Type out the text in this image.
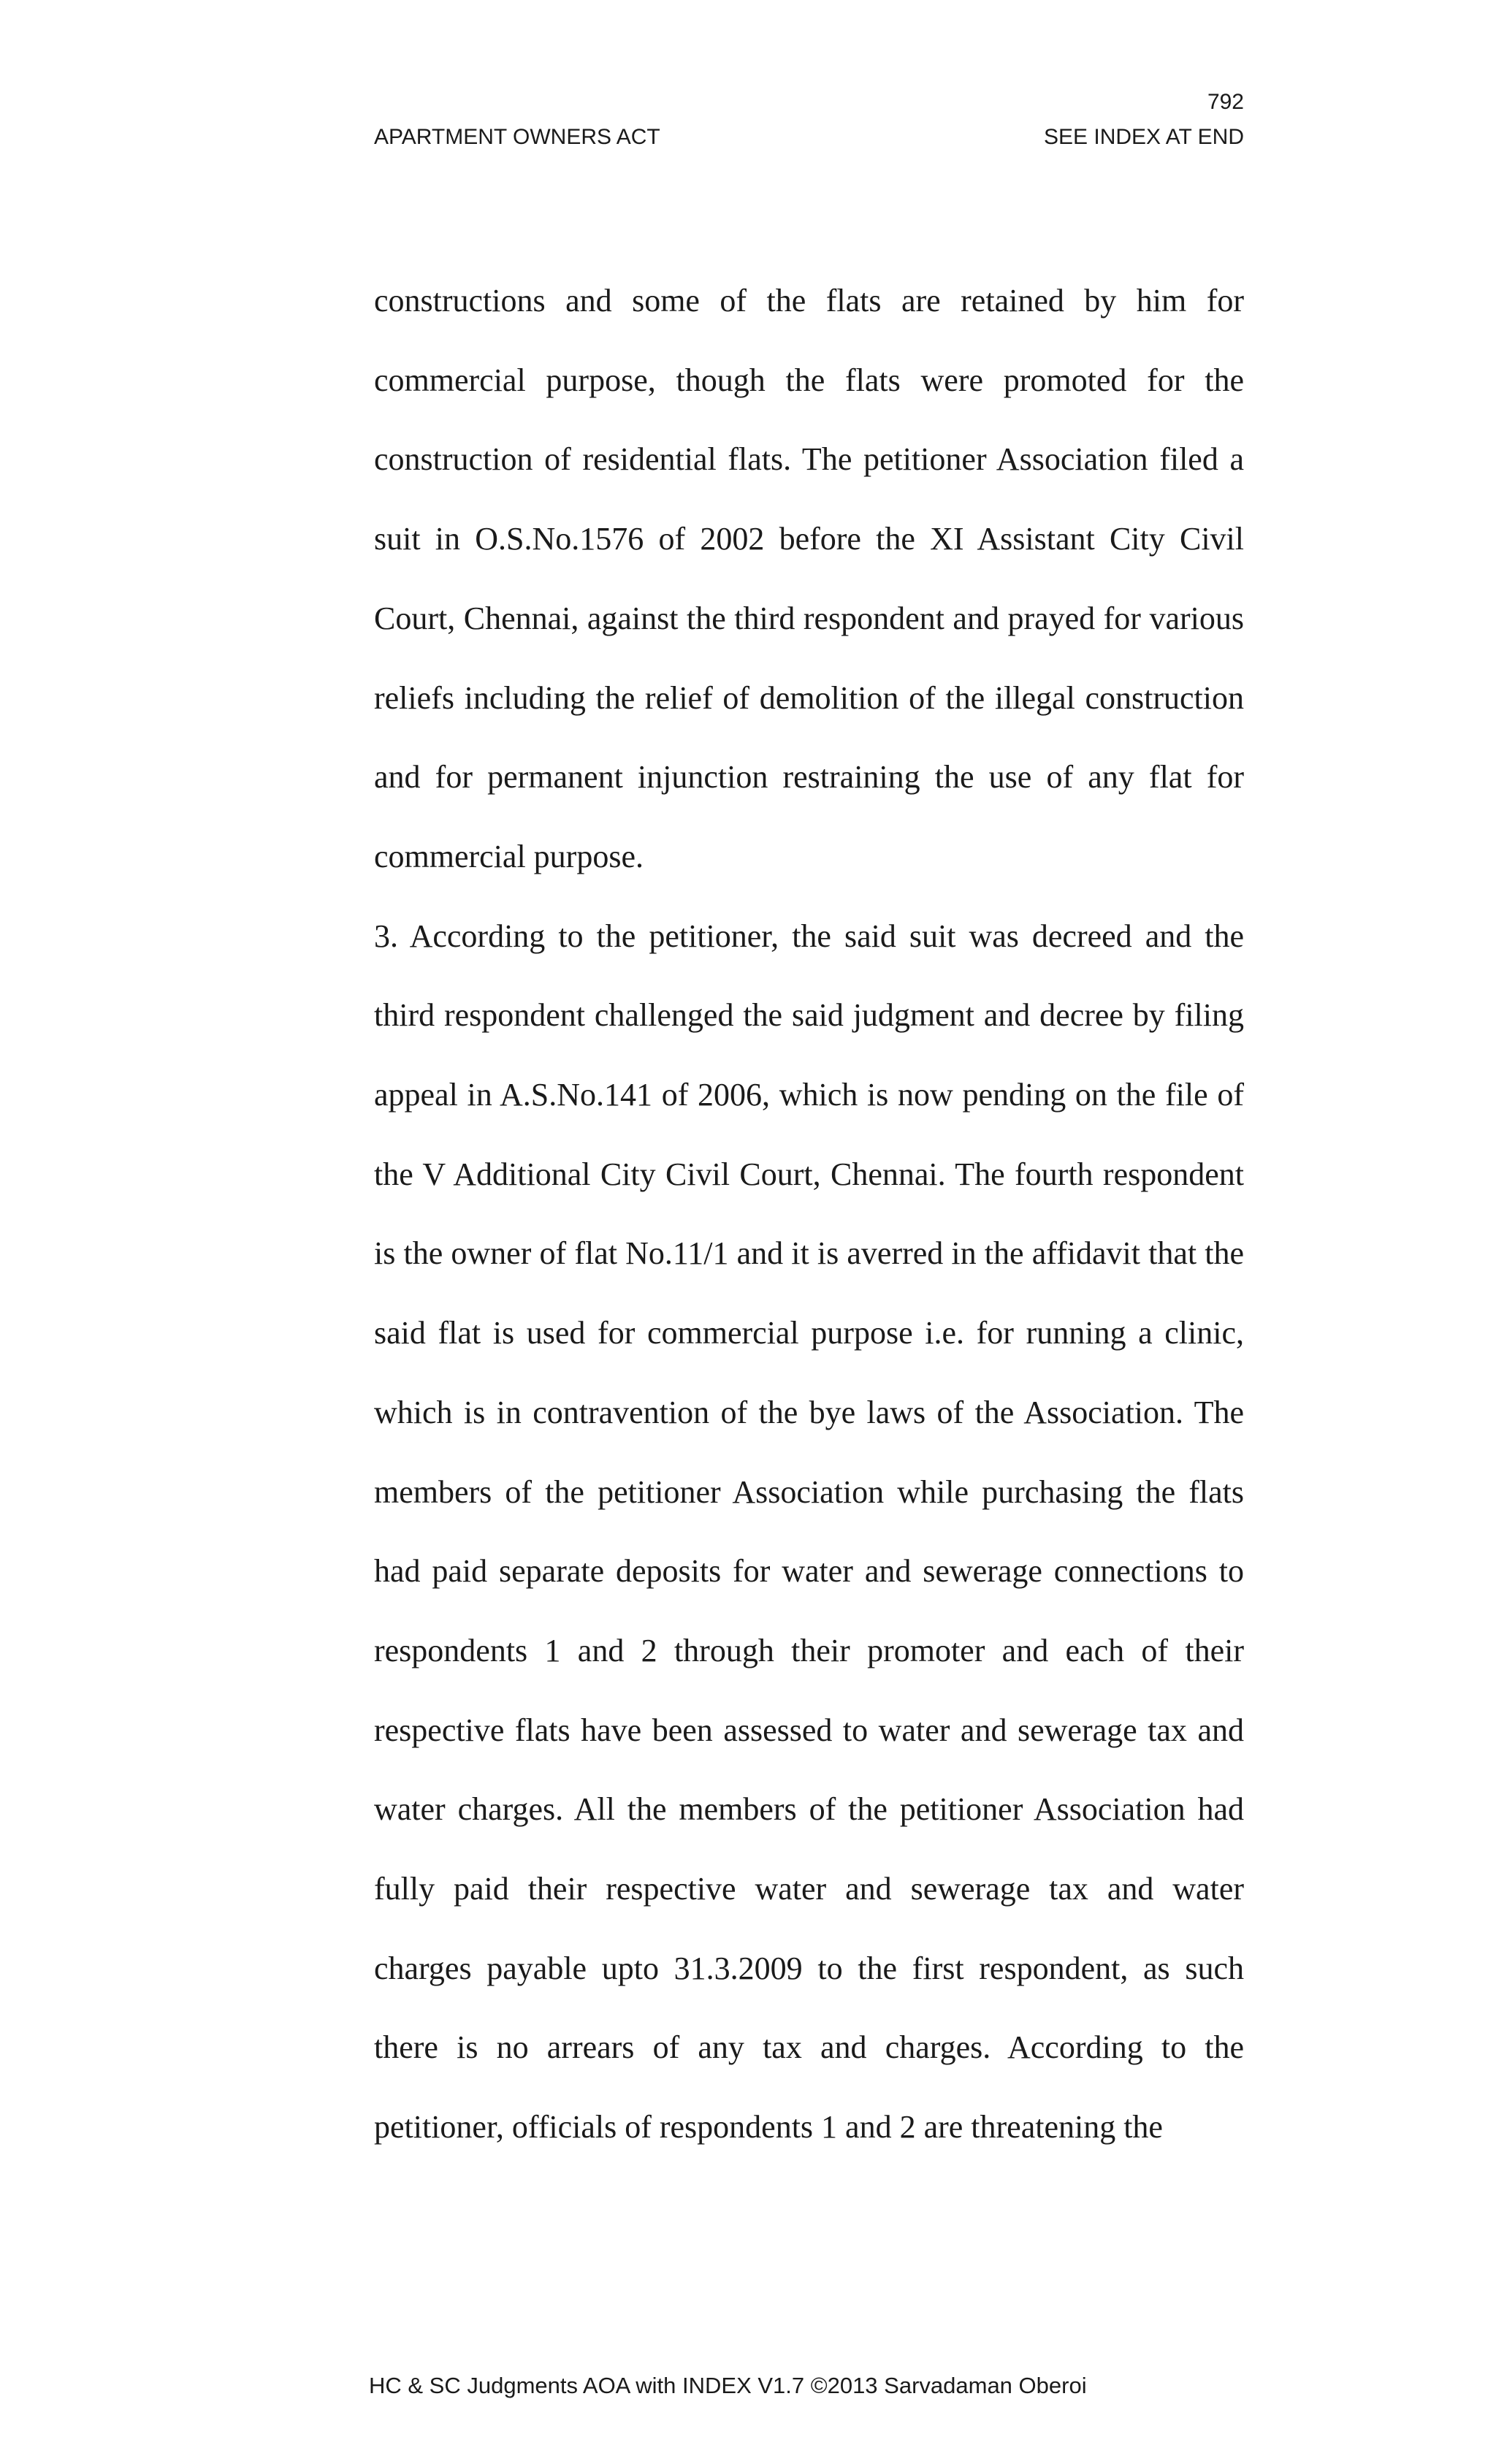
792
APARTMENT OWNERS ACT	SEE INDEX AT END

constructions and some of the flats are retained by him for commercial purpose, though the flats were promoted for the construction of residential flats. The petitioner Association filed a suit in O.S.No.1576 of 2002 before the XI Assistant City Civil Court, Chennai, against the third respondent and prayed for various reliefs including the relief of demolition of the illegal construction and for permanent injunction restraining the use of any flat for commercial purpose.

3. According to the petitioner, the said suit was decreed and the third respondent challenged the said judgment and decree by filing appeal in A.S.No.141 of 2006, which is now pending on the file of the V Additional City Civil Court, Chennai. The fourth respondent is the owner of flat No.11/1 and it is averred in the affidavit that the said flat is used for commercial purpose i.e. for running a clinic, which is in contravention of the bye laws of the Association. The members of the petitioner Association while purchasing the flats had paid separate deposits for water and sewerage connections to respondents 1 and 2 through their promoter and each of their respective flats have been assessed to water and sewerage tax and water charges. All the members of the petitioner Association had fully paid their respective water and sewerage tax and water charges payable upto 31.3.2009 to the first respondent, as such there is no arrears of any tax and charges. According to the petitioner, officials of respondents 1 and 2 are threatening the

HC & SC Judgments AOA with INDEX V1.7 ©2013 Sarvadaman Oberoi
